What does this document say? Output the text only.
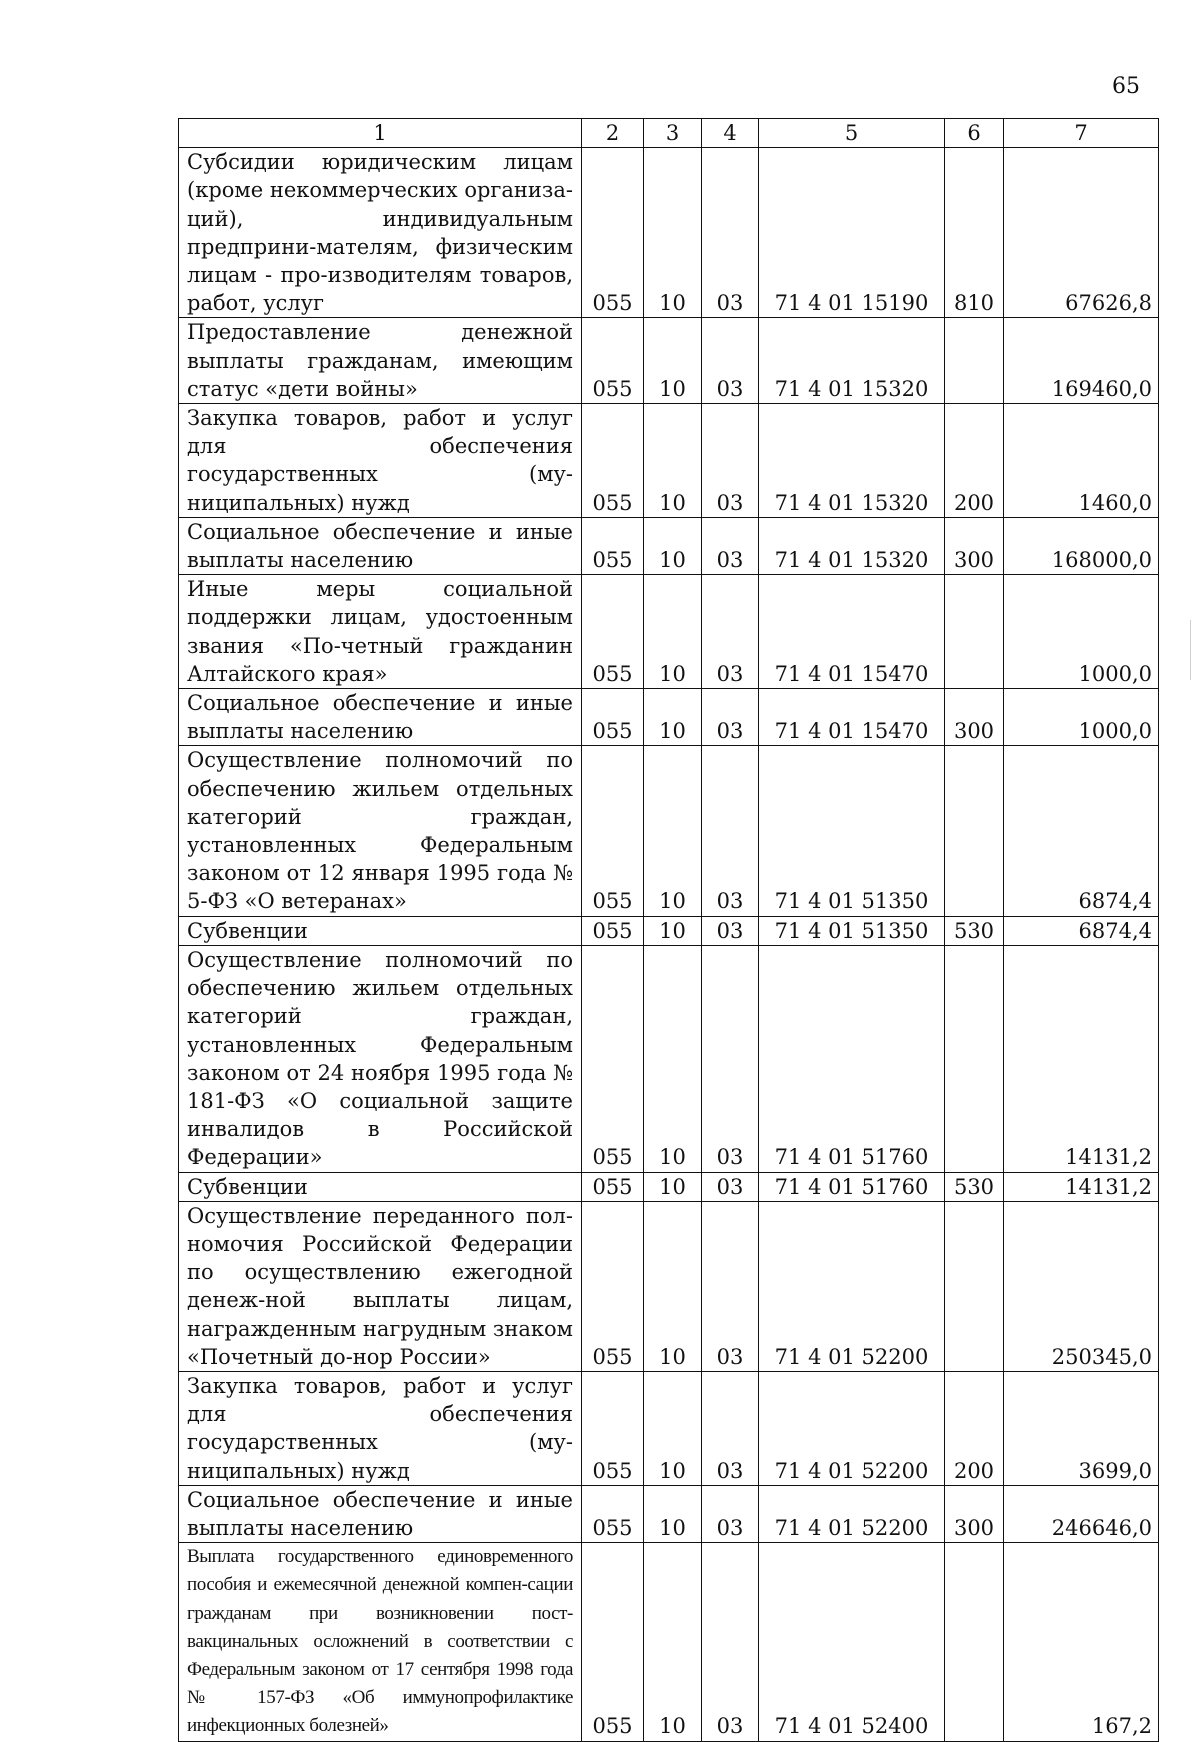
65
1	2	3	4	5	6	7
Субсидии юридическим лицам (кроме некоммерческих организа-ций), индивидуальным предприни-мателям, физическим лицам - про-изводителям товаров, работ, услуг	055	10	03	71 4 01 15190	810	67626,8
Предоставление денежной выплаты гражданам, имеющим статус «дети войны»	055	10	03	71 4 01 15320		169460,0
Закупка товаров, работ и услуг для обеспечения государственных (му-ниципальных) нужд	055	10	03	71 4 01 15320	200	1460,0
Социальное обеспечение и иные выплаты населению	055	10	03	71 4 01 15320	300	168000,0
Иные меры социальной поддержки лицам, удостоенным звания «По-четный гражданин Алтайского края»	055	10	03	71 4 01 15470		1000,0
Социальное обеспечение и иные выплаты населению	055	10	03	71 4 01 15470	300	1000,0
Осуществление полномочий по обеспечению жильем отдельных категорий граждан, установленных Федеральным законом от 12 января 1995 года № 5-ФЗ «О ветеранах»	055	10	03	71 4 01 51350		6874,4
Субвенции	055	10	03	71 4 01 51350	530	6874,4
Осуществление полномочий по обеспечению жильем отдельных категорий граждан, установленных Федеральным законом от 24 ноября 1995 года № 181-ФЗ «О социальной защите инвалидов в Российской Федерации»	055	10	03	71 4 01 51760		14131,2
Субвенции	055	10	03	71 4 01 51760	530	14131,2
Осуществление переданного пол-номочия Российской Федерации по осуществлению ежегодной денеж-ной выплаты лицам, награжденным нагрудным знаком «Почетный до-нор России»	055	10	03	71 4 01 52200		250345,0
Закупка товаров, работ и услуг для обеспечения государственных (му-ниципальных) нужд	055	10	03	71 4 01 52200	200	3699,0
Социальное обеспечение и иные выплаты населению	055	10	03	71 4 01 52200	300	246646,0
Выплата государственного единовременного пособия и ежемесячной денежной компен-сации гражданам при возникновении пост-вакцинальных осложнений в соответствии с Федеральным законом от 17 сентября 1998 года № 157-ФЗ «Об иммунопрофилактике инфекционных болезней»	055	10	03	71 4 01 52400		167,2
